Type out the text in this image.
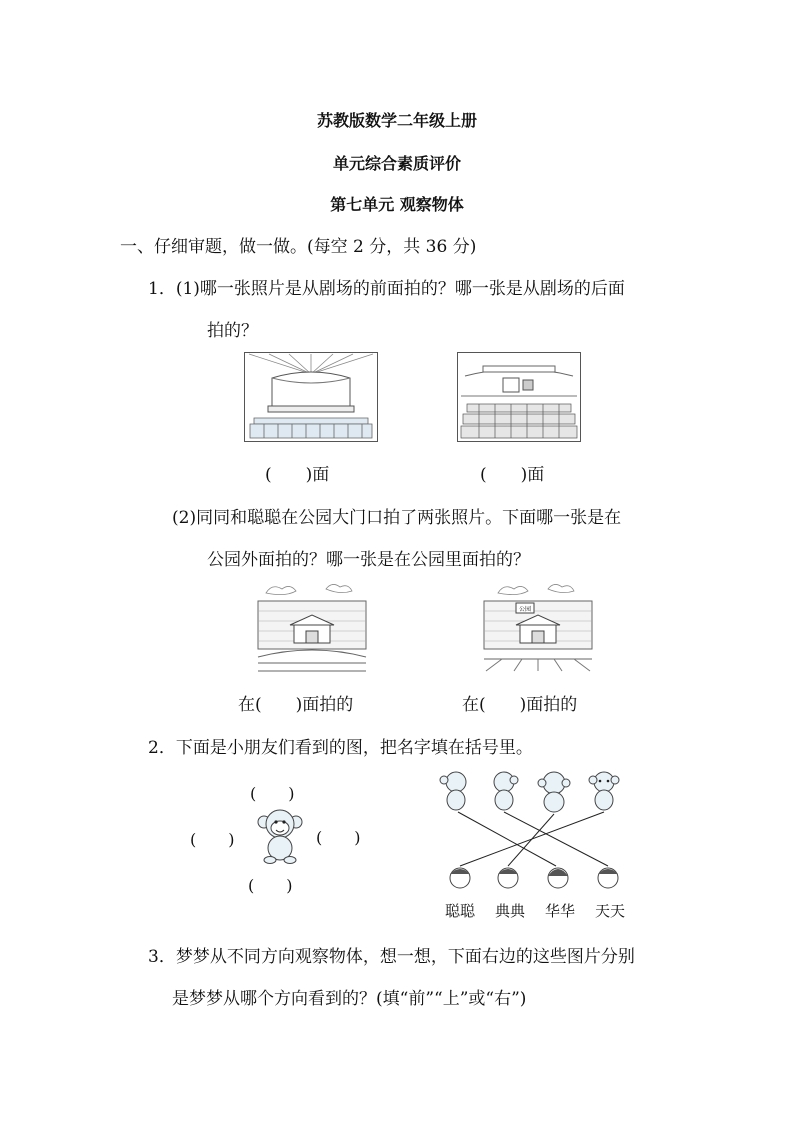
苏教版数学二年级上册
单元综合素质评价
第七单元 观察物体
一、仔细审题，做一做。(每空 2 分，共 36 分)
1．(1)哪一张照片是从剧场的前面拍的？哪一张是从剧场的后面
拍的？
(　　)面	(　　)面
(2)同同和聪聪在公园大门口拍了两张照片。下面哪一张是在
公园外面拍的？哪一张是在公园里面拍的？
公园
在(　　)面拍的	在(　　)面拍的
2．下面是小朋友们看到的图，把名字填在括号里。
(　　)
(　　)	(　　)
(　　)
聪聪 典典 华华 天天
3．梦梦从不同方向观察物体，想一想，下面右边的这些图片分别
是梦梦从哪个方向看到的？(填“前”“上”或“右”)
